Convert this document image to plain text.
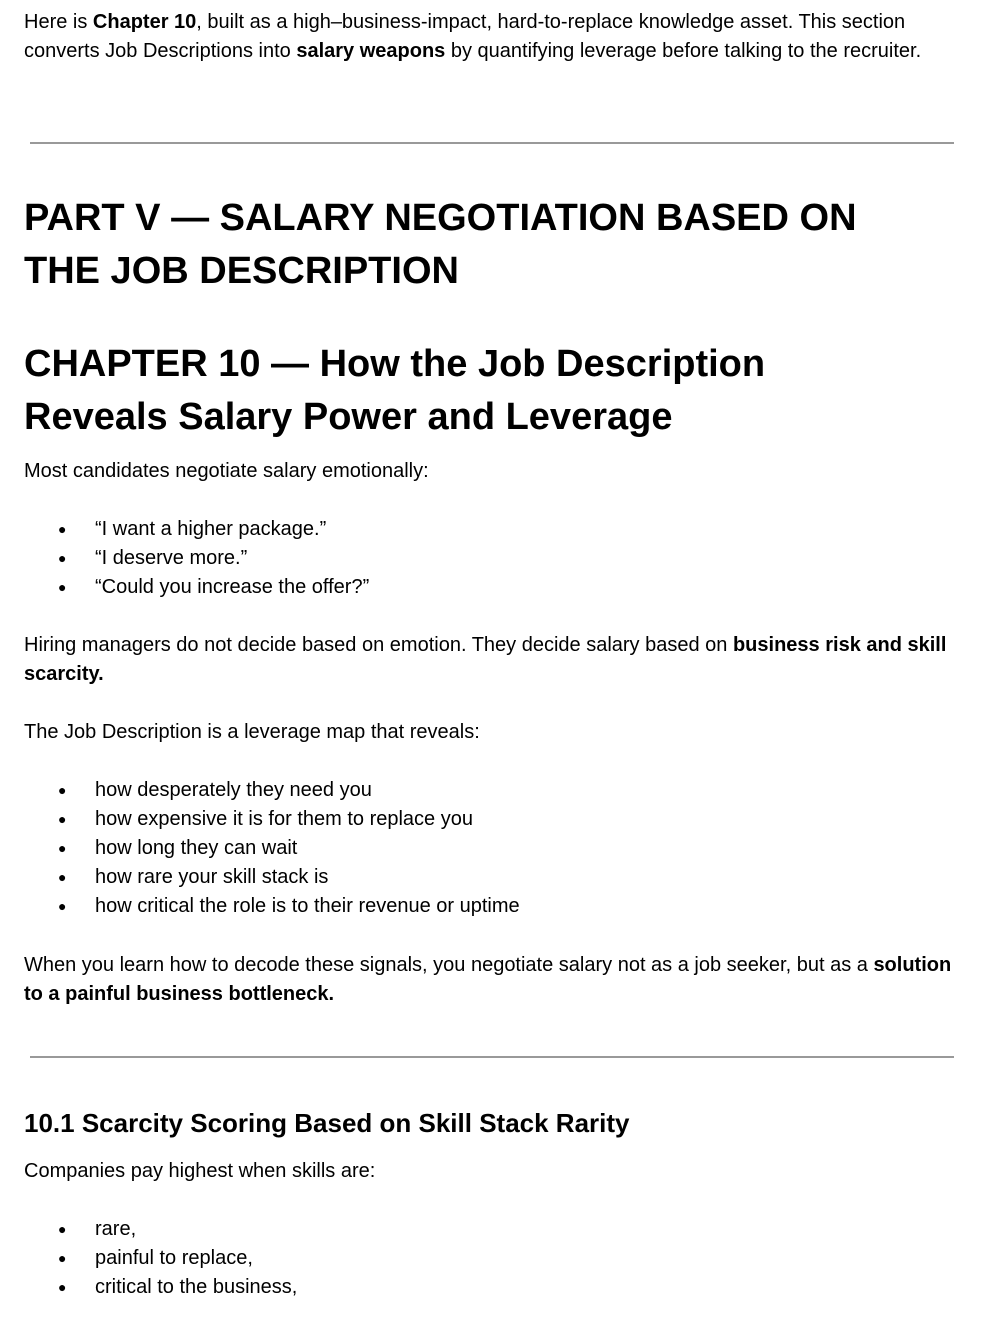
Here is Chapter 10, built as a high–business-impact, hard-to-replace knowledge asset. This section converts Job Descriptions into salary weapons by quantifying leverage before talking to the recruiter.

PART V — SALARY NEGOTIATION BASED ON THE JOB DESCRIPTION
CHAPTER 10 — How the Job Description Reveals Salary Power and Leverage

Most candidates negotiate salary emotionally:

● “I want a higher package.”
● “I deserve more.”
● “Could you increase the offer?”

Hiring managers do not decide based on emotion. They decide salary based on business risk and skill scarcity.

The Job Description is a leverage map that reveals:

● how desperately they need you
● how expensive it is for them to replace you
● how long they can wait
● how rare your skill stack is
● how critical the role is to their revenue or uptime

When you learn how to decode these signals, you negotiate salary not as a job seeker, but as a solution to a painful business bottleneck.

10.1 Scarcity Scoring Based on Skill Stack Rarity

Companies pay highest when skills are:

● rare,
● painful to replace,
● critical to the business,
